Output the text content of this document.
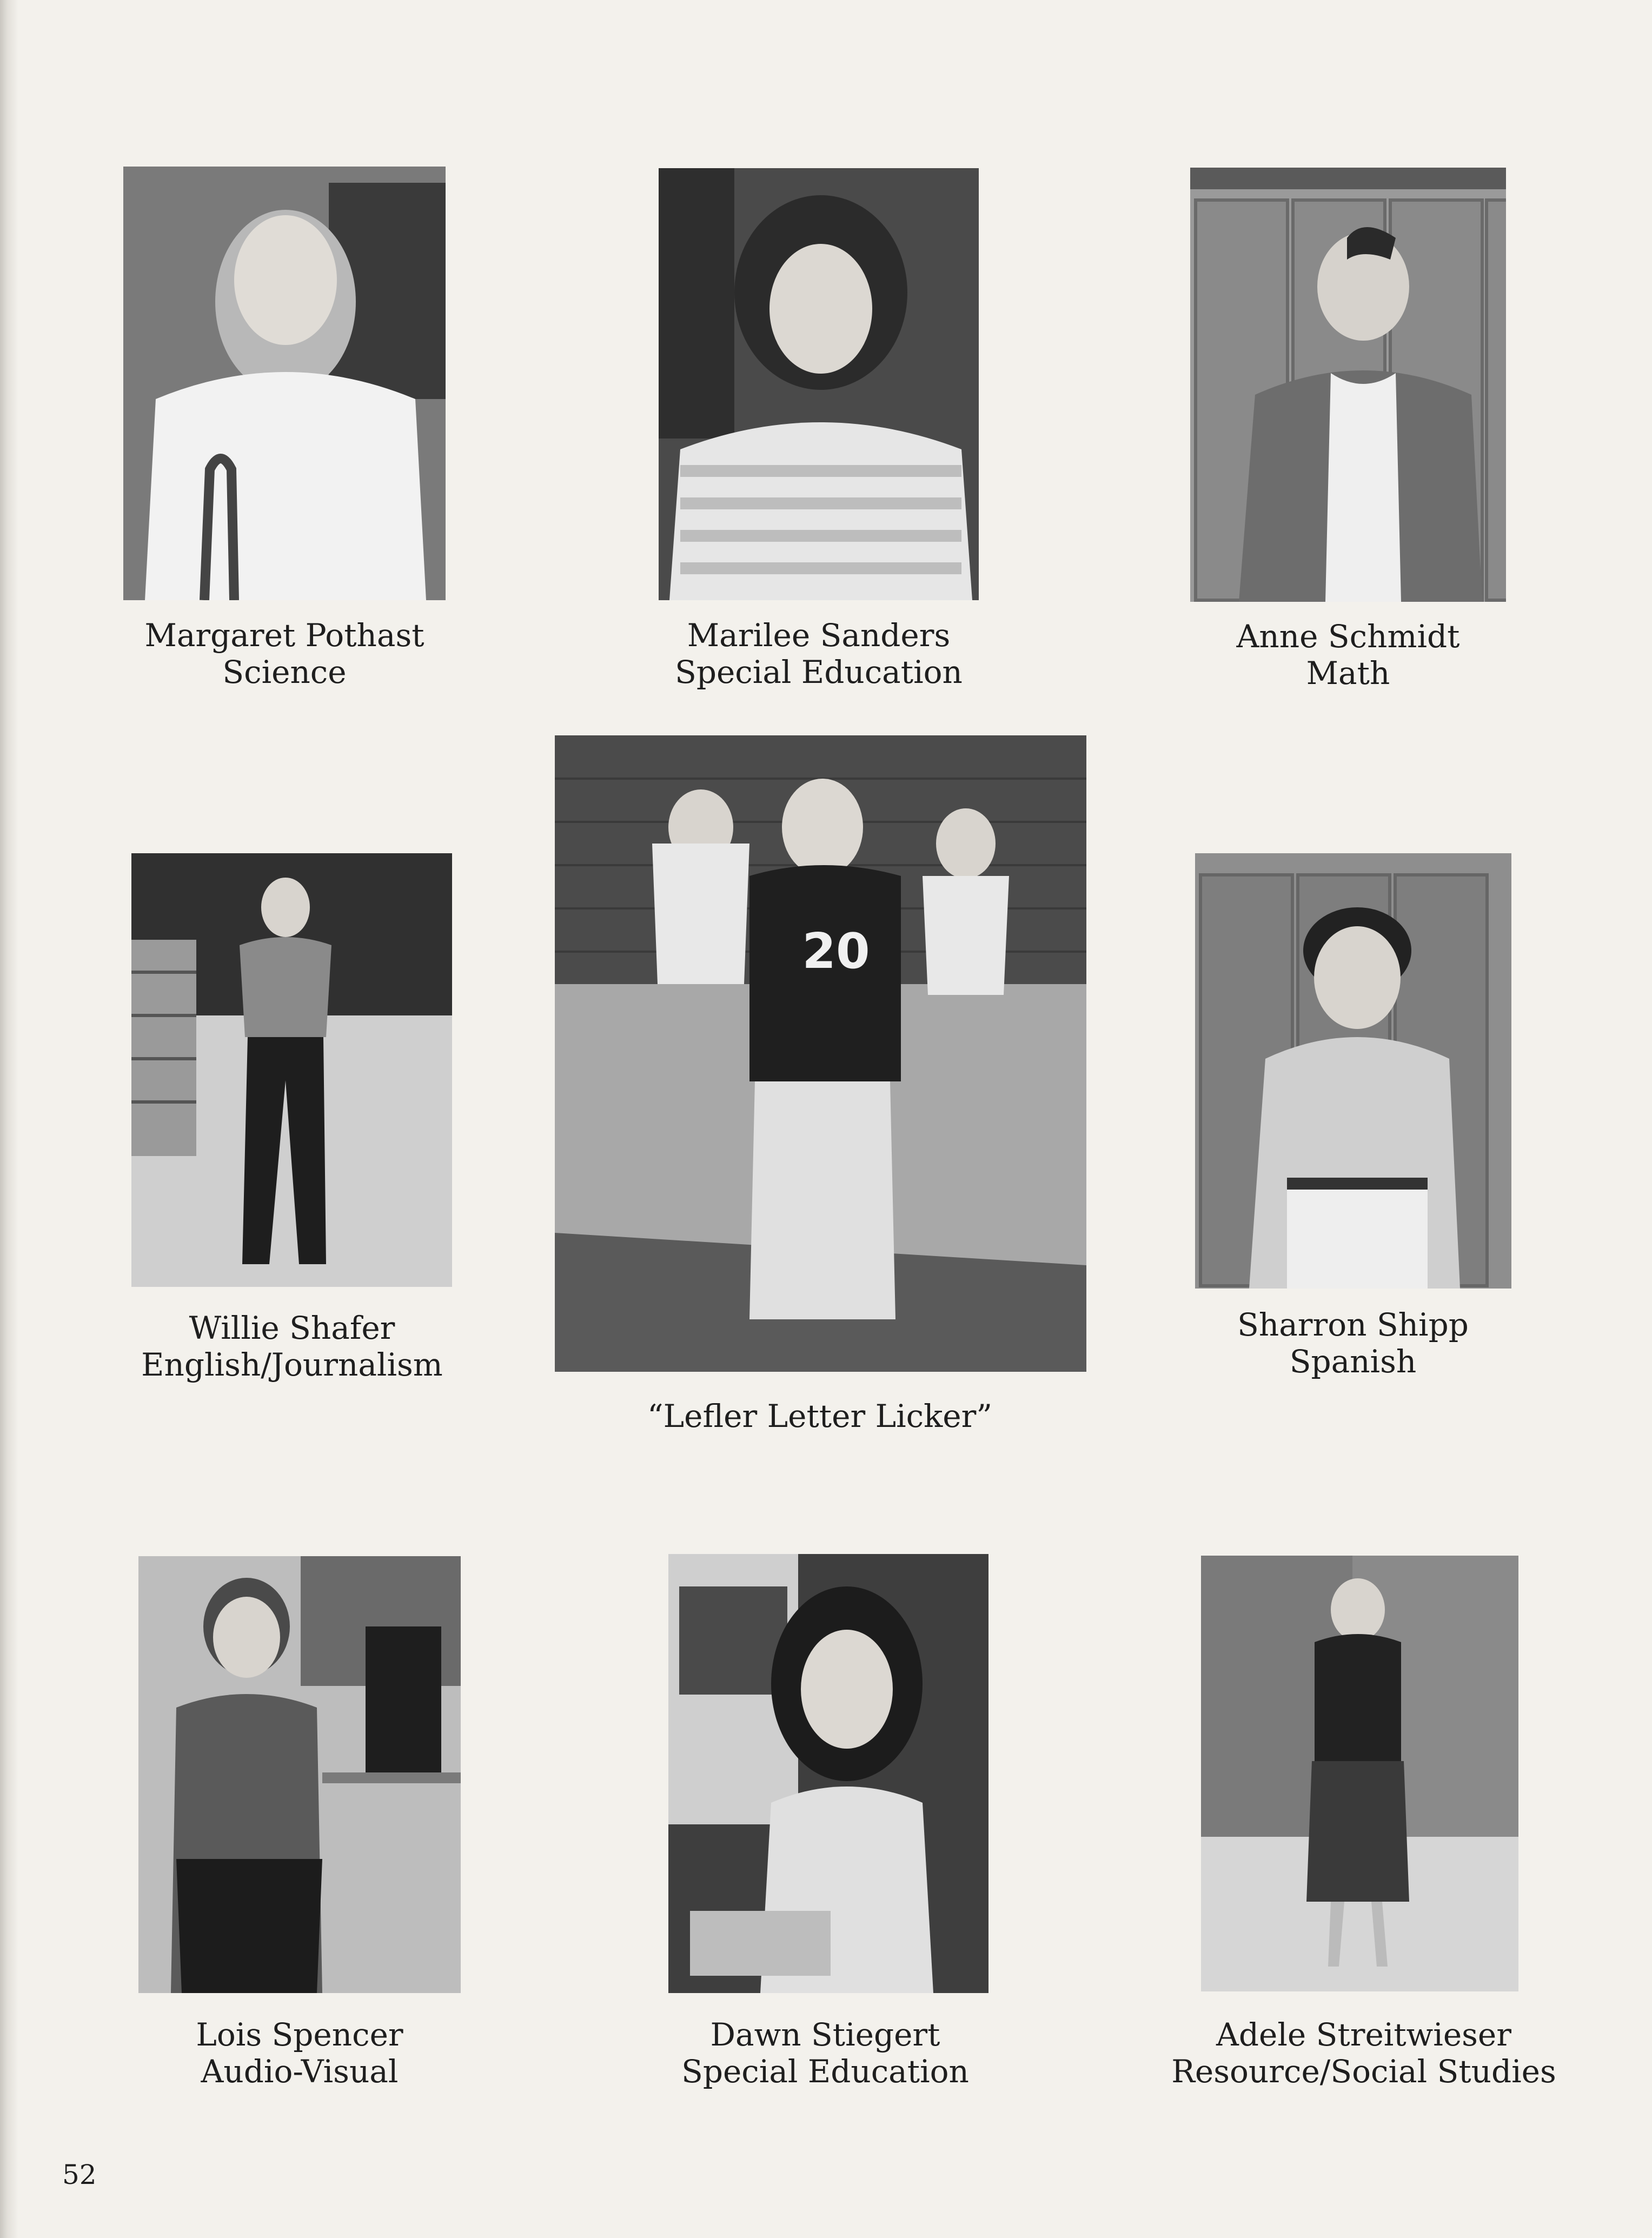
Margaret Pothast
Science
Marilee Sanders
Special Education
Anne Schmidt
Math
Willie Shafer
English/Journalism
20
“Lefler Letter Licker”
Sharron Shipp
Spanish
Lois Spencer
Audio-Visual
Dawn Stiegert
Special Education
Adele Streitwieser
Resource/Social Studies
52
